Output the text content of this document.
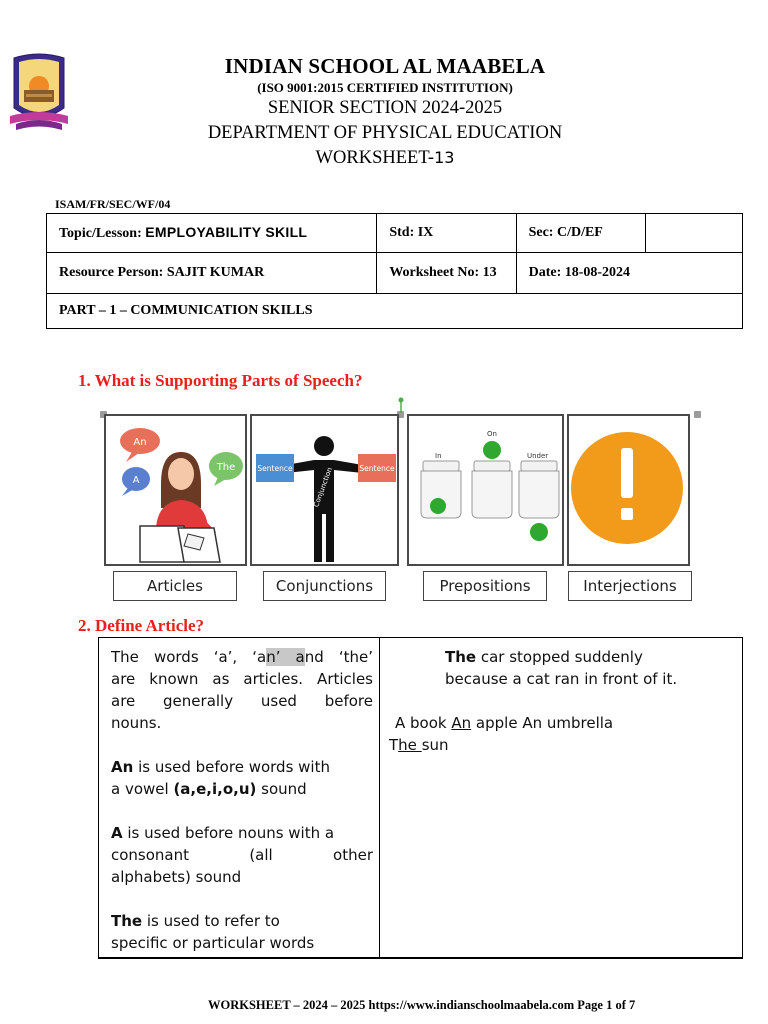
INDIAN SCHOOL AL MAABELA
(ISO 9001:2015 CERTIFIED INSTITUTION)
SENIOR SECTION 2024-2025
DEPARTMENT OF PHYSICAL EDUCATION
WORKSHEET-13
ISAM/FR/SEC/WF/04
Topic/Lesson: EMPLOYABILITY SKILL	Std: IX	Sec: C/D/EF	
Resource Person: SAJIT KUMAR	Worksheet No: 13	Date: 18-08-2024	
PART – 1 – COMMUNICATION SKILLS			
1. What is Supporting Parts of Speech?
An
A
The	Conjunction
Sentence	Sentence
In
On
Under
Articles	Conjunctions	Prepositions	Interjections
2. Define Article?

The words ‘a’, ‘an’ and ‘the’

are known as articles. Articles

are generally used before

nouns.

An is used before words with

a vowel (a,e,i,o,u) sound

A is used before nouns with a

consonant (all other

alphabets) sound

The is used to refer to

specific or particular words

The car stopped suddenly

because a cat ran in front of it.

A book An apple An umbrella

The sun

WORKSHEET – 2024 – 2025 https://www.indianschoolmaabela.com Page 1 of 7
